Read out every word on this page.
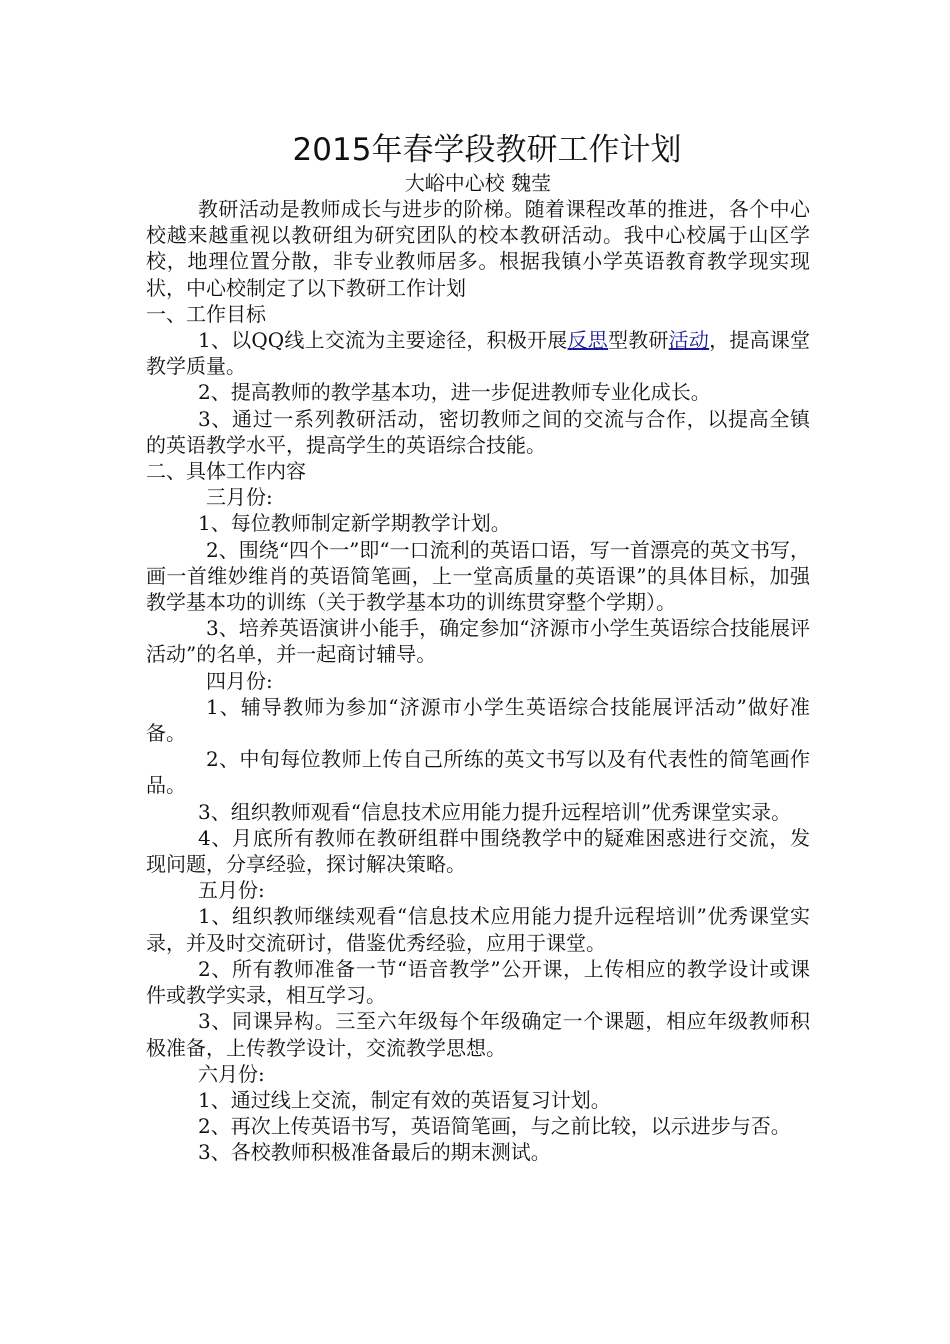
2015年春学段教研工作计划
大峪中心校 魏莹
教研活动是教师成长与进步的阶梯。随着课程改革的推进，各个中心校越来越重视以教研组为研究团队的校本教研活动。我中心校属于山区学校，地理位置分散，非专业教师居多。根据我镇小学英语教育教学现实现状，中心校制定了以下教研工作计划
一、工作目标
1、以QQ线上交流为主要途径，积极开展反思型教研活动，提高课堂教学质量。
2、提高教师的教学基本功，进一步促进教师专业化成长。
3、通过一系列教研活动，密切教师之间的交流与合作，以提高全镇的英语教学水平，提高学生的英语综合技能。
二、具体工作内容
三月份:
1、每位教师制定新学期教学计划。
2、围绕“四个一”即“一口流利的英语口语，写一首漂亮的英文书写，画一首维妙维肖的英语简笔画，上一堂高质量的英语课”的具体目标，加强教学基本功的训练（关于教学基本功的训练贯穿整个学期）。
3、培养英语演讲小能手，确定参加“济源市小学生英语综合技能展评活动”的名单，并一起商讨辅导。
四月份:
1、辅导教师为参加“济源市小学生英语综合技能展评活动”做好准备。
2、中旬每位教师上传自己所练的英文书写以及有代表性的简笔画作品。
3、组织教师观看“信息技术应用能力提升远程培训”优秀课堂实录。
4、月底所有教师在教研组群中围绕教学中的疑难困惑进行交流，发现问题，分享经验，探讨解决策略。
五月份:
1、组织教师继续观看“信息技术应用能力提升远程培训”优秀课堂实录，并及时交流研讨，借鉴优秀经验，应用于课堂。
2、所有教师准备一节“语音教学”公开课，上传相应的教学设计或课件或教学实录，相互学习。
3、同课异构。三至六年级每个年级确定一个课题，相应年级教师积极准备，上传教学设计，交流教学思想。
六月份:
1、通过线上交流，制定有效的英语复习计划。
2、再次上传英语书写，英语简笔画，与之前比较，以示进步与否。
3、各校教师积极准备最后的期末测试。
